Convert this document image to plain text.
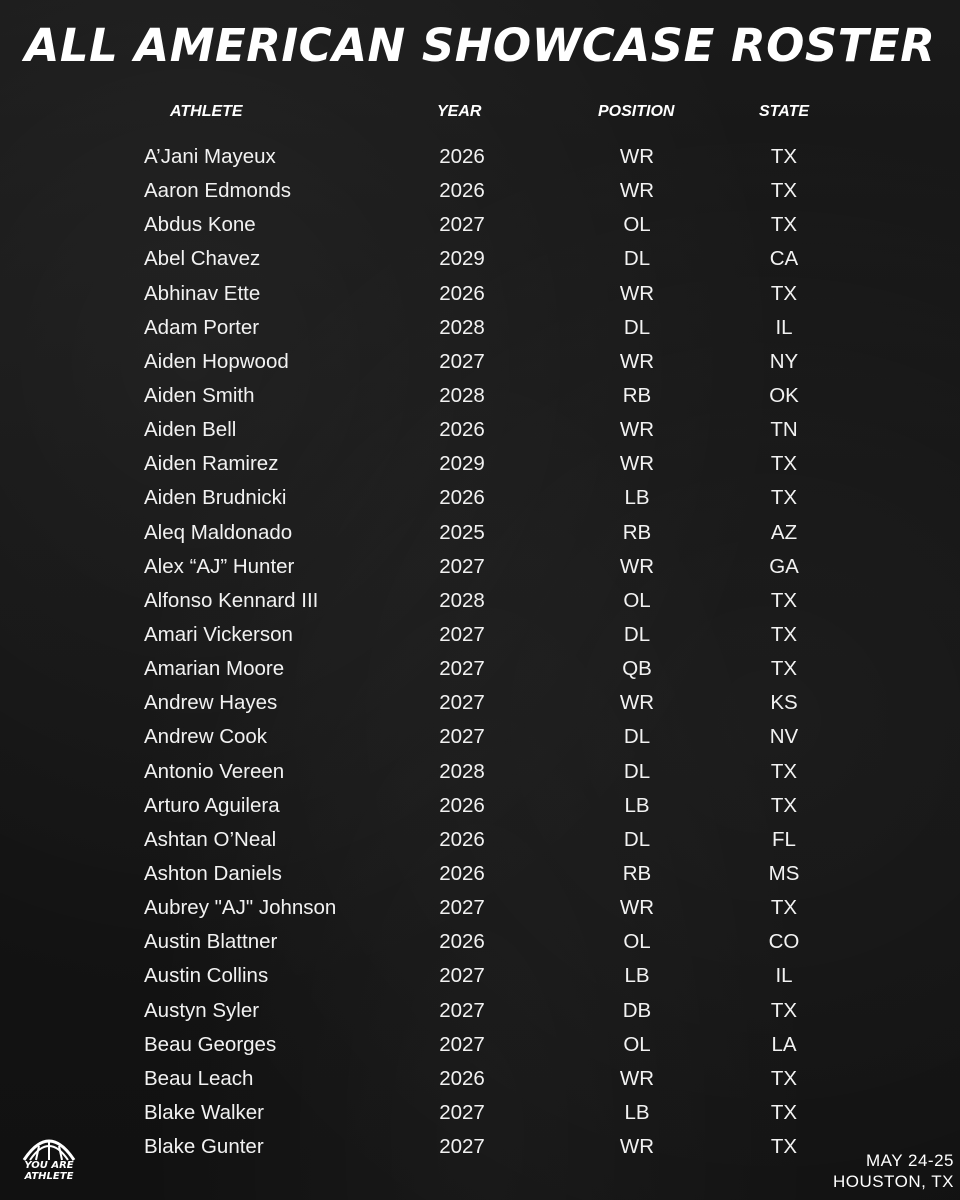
ALL AMERICAN SHOWCASE ROSTER
ATHLETE	YEAR	POSITION	STATE
A’Jani Mayeux	2026	WR	TX
Aaron Edmonds	2026	WR	TX
Abdus Kone	2027	OL	TX
Abel Chavez	2029	DL	CA
Abhinav Ette	2026	WR	TX
Adam Porter	2028	DL	IL
Aiden Hopwood	2027	WR	NY
Aiden Smith	2028	RB	OK
Aiden Bell	2026	WR	TN
Aiden Ramirez	2029	WR	TX
Aiden Brudnicki	2026	LB	TX
Aleq Maldonado	2025	RB	AZ
Alex “AJ” Hunter	2027	WR	GA
Alfonso Kennard III	2028	OL	TX
Amari Vickerson	2027	DL	TX
Amarian Moore	2027	QB	TX
Andrew Hayes	2027	WR	KS
Andrew Cook	2027	DL	NV
Antonio Vereen	2028	DL	TX
Arturo Aguilera	2026	LB	TX
Ashtan O’Neal	2026	DL	FL
Ashton Daniels	2026	RB	MS
Aubrey "AJ" Johnson	2027	WR	TX
Austin Blattner	2026	OL	CO
Austin Collins	2027	LB	IL
Austyn Syler	2027	DB	TX
Beau Georges	2027	OL	LA
Beau Leach	2026	WR	TX
Blake Walker	2027	LB	TX
Blake Gunter	2027	WR	TX
YOU ARE
ATHLETE
MAY 24-25
HOUSTON, TX
